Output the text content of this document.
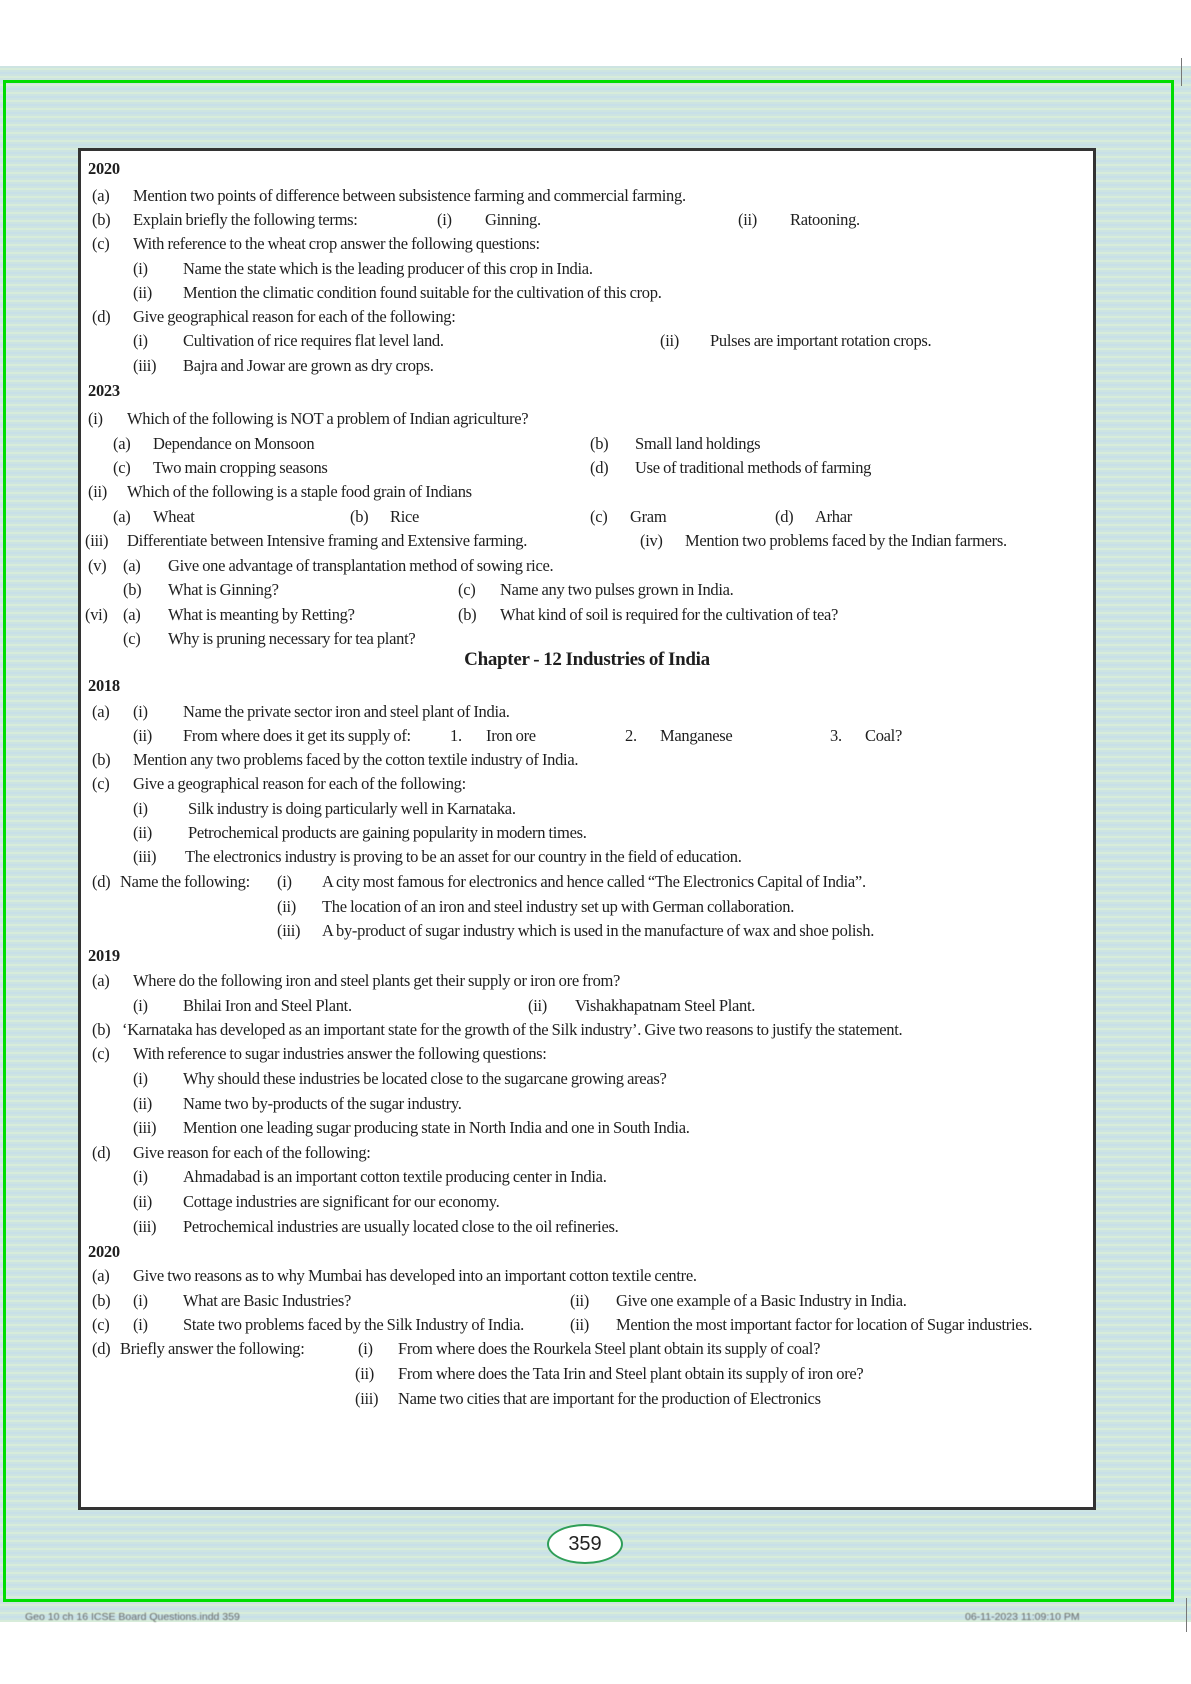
2020
(a) Mention two points of difference between subsistence farming and commercial farming.
(b) Explain briefly the following terms:	(i) Ginning.	(ii) Ratooning.
(c) With reference to the wheat crop answer the following questions:
(i) Name the state which is the leading producer of this crop in India.
(ii) Mention the climatic condition found suitable for the cultivation of this crop.
(d) Give geographical reason for each of the following:
(i) Cultivation of rice requires flat level land.	(ii) Pulses are important rotation crops.
(iii) Bajra and Jowar are grown as dry crops.
2023
(i) Which of the following is NOT a problem of Indian agriculture?
(a) Dependance on Monsoon	(b) Small land holdings
(c) Two main cropping seasons	(d) Use of traditional methods of farming
(ii) Which of the following is a staple food grain of Indians
(a) Wheat	(b) Rice	(c) Gram	(d) Arhar
(iii) Differentiate between Intensive framing and Extensive farming.	(iv) Mention two problems faced by the Indian farmers.
(v) (a) Give one advantage of transplantation method of sowing rice.
(b) What is Ginning?	(c) Name any two pulses grown in India.
(vi) (a) What is meanting by Retting?	(b) What kind of soil is required for the cultivation of tea?
(c) Why is pruning necessary for tea plant?
Chapter - 12 Industries of India
2018
(a) (i) Name the private sector iron and steel plant of India.
(ii) From where does it get its supply of: 1. Iron ore	2. Manganese	3. Coal?
(b) Mention any two problems faced by the cotton textile industry of India.
(c) Give a geographical reason for each of the following:
(i) Silk industry is doing particularly well in Karnataka.
(ii) Petrochemical products are gaining popularity in modern times.
(iii) The electronics industry is proving to be an asset for our country in the field of education.
(d) Name the following: (i) A city most famous for electronics and hence called “The Electronics Capital of India”.
(ii) The location of an iron and steel industry set up with German collaboration.
(iii) A by-product of sugar industry which is used in the manufacture of wax and shoe polish.
2019
(a) Where do the following iron and steel plants get their supply or iron ore from?
(i) Bhilai Iron and Steel Plant.	(ii) Vishakhapatnam Steel Plant.
(b) ‘Karnataka has developed as an important state for the growth of the Silk industry’. Give two reasons to justify the statement.
(c) With reference to sugar industries answer the following questions:
(i) Why should these industries be located close to the sugarcane growing areas?
(ii) Name two by-products of the sugar industry.
(iii) Mention one leading sugar producing state in North India and one in South India.
(d) Give reason for each of the following:
(i) Ahmadabad is an important cotton textile producing center in India.
(ii) Cottage industries are significant for our economy.
(iii) Petrochemical industries are usually located close to the oil refineries.
2020
(a) Give two reasons as to why Mumbai has developed into an important cotton textile centre.
(b) (i) What are Basic Industries?	(ii) Give one example of a Basic Industry in India.
(c) (i) State two problems faced by the Silk Industry of India.	(ii) Mention the most important factor for location of Sugar industries.
(d) Briefly answer the following:	(i) From where does the Rourkela Steel plant obtain its supply of coal?
(ii) From where does the Tata Irin and Steel plant obtain its supply of iron ore?
(iii) Name two cities that are important for the production of Electronics
359
Geo 10 ch 16 ICSE Board Questions.indd 359	06-11-2023 11:09:10 PM
